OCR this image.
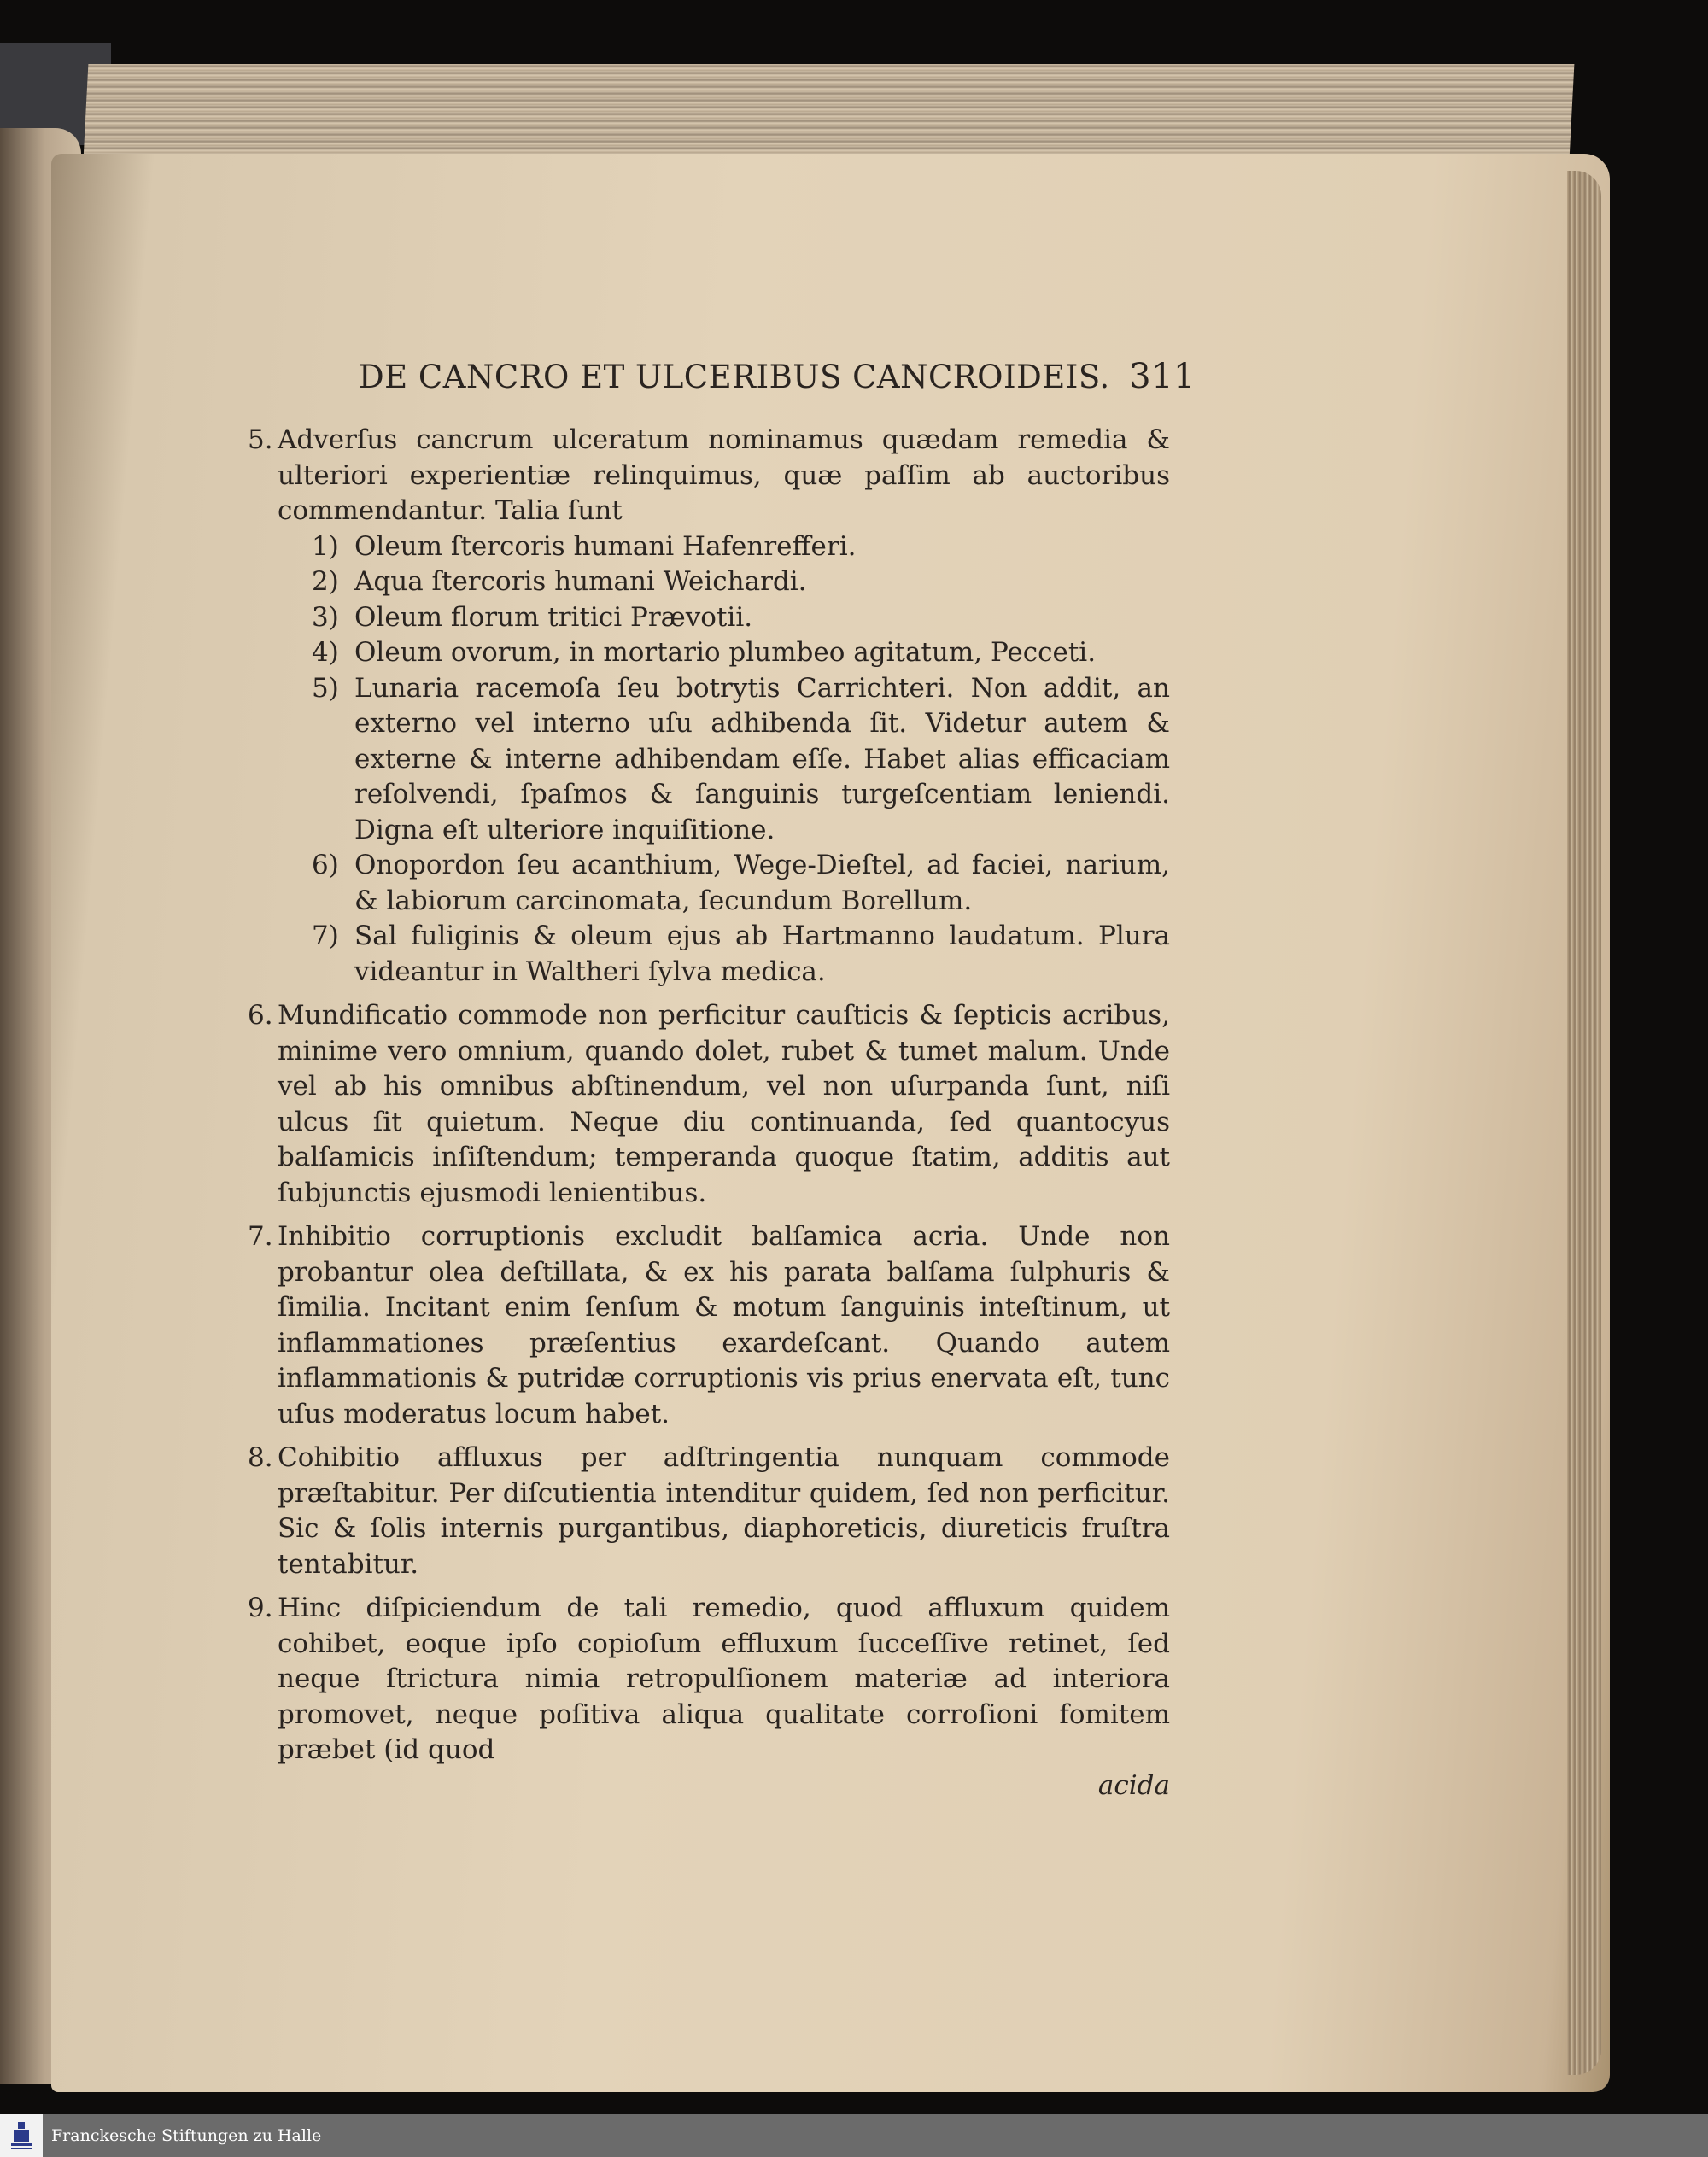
DE CANCRO ET ULCERIBUS CANCROIDEIS. 311
5. Adverſus cancrum ulceratum nominamus quædam remedia & ulteriori experientiæ relinquimus, quæ paſſim ab auctoribus commendantur. Talia ſunt
1) Oleum ſtercoris humani Hafenrefferi.
2) Aqua ſtercoris humani Weichardi.
3) Oleum florum tritici Prævotii.
4) Oleum ovorum, in mortario plumbeo agitatum, Pecceti.
5) Lunaria racemoſa ſeu botrytis Carrichteri. Non addit, an externo vel interno uſu adhibenda ſit. Videtur autem & externe & interne adhibendam eſſe. Habet alias efficaciam reſolvendi, ſpaſmos & ſanguinis turgeſcentiam leniendi. Digna eſt ulteriore inquiſitione.
6) Onopordon ſeu acanthium, Wege-Dieſtel, ad faciei, narium, & labiorum carcinomata, ſecundum Borellum.
7) Sal fuliginis & oleum ejus ab Hartmanno laudatum. Plura videantur in Waltheri ſylva medica.
6. Mundificatio commode non perficitur cauſticis & ſepticis acribus, minime vero omnium, quando dolet, rubet & tumet malum. Unde vel ab his omnibus abſtinendum, vel non uſurpanda ſunt, niſi ulcus ſit quietum. Neque diu continuanda, ſed quantocyus balſamicis inſiſtendum; temperanda quoque ſtatim, additis aut ſubjunctis ejusmodi lenientibus.
7. Inhibitio corruptionis excludit balſamica acria. Unde non probantur olea deſtillata, & ex his parata balſama ſulphuris & ſimilia. Incitant enim ſenſum & motum ſanguinis inteſtinum, ut inflammationes præſentius exardeſcant. Quando autem inflammationis & putridæ corruptionis vis prius enervata eſt, tunc uſus moderatus locum habet.
8. Cohibitio affluxus per adſtringentia nunquam commode præſtabitur. Per diſcutientia intenditur quidem, ſed non perficitur. Sic & ſolis internis purgantibus, diaphoreticis, diureticis fruſtra tentabitur.
9. Hinc diſpiciendum de tali remedio, quod affluxum quidem cohibet, eoque ipſo copioſum effluxum ſucceſſive retinet, ſed neque ſtrictura nimia retropulſionem materiæ ad interiora promovet, neque poſitiva aliqua qualitate corroſioni fomitem præbet (id quod
acida
Franckesche Stiftungen zu Halle
